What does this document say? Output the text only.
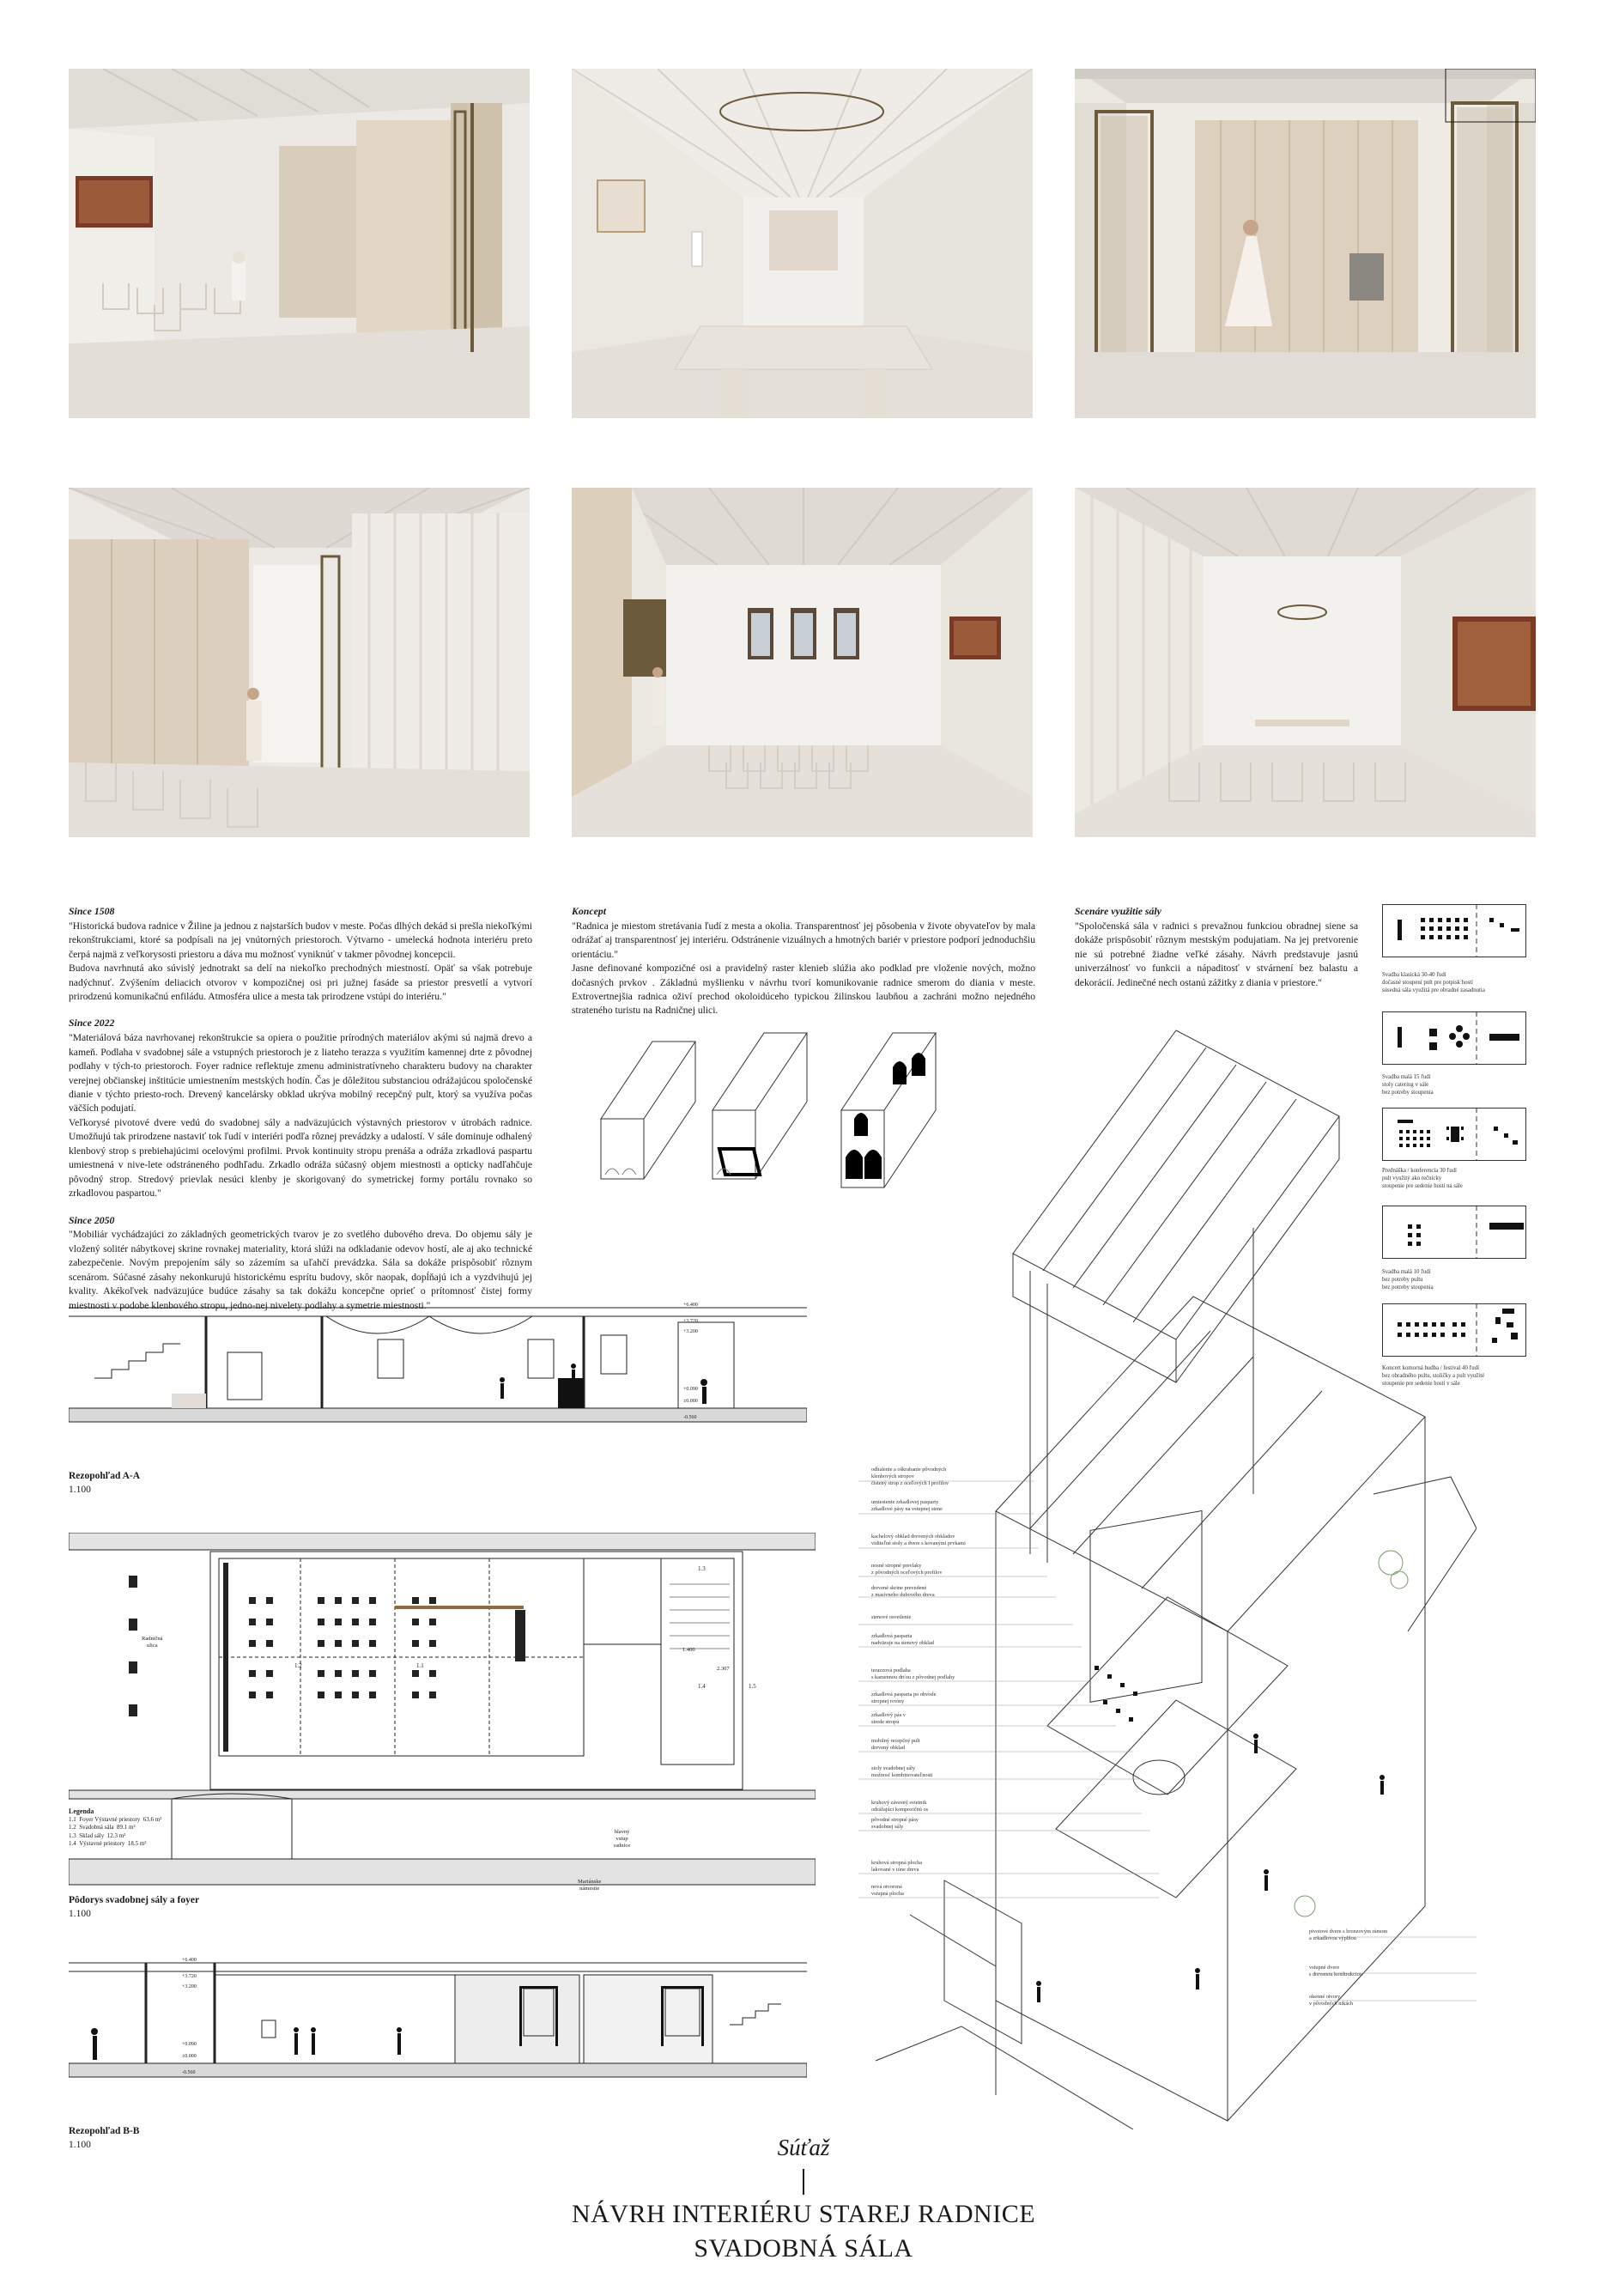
Since 1508

"Historická budova radnice v Žiline ja jednou z najstarších budov v meste. Počas dlhých dekád si prešla niekoľkými rekonštrukciami, ktoré sa podpísali na jej vnútorných priestoroch. Výtvarno - umelecká hodnota interiéru preto čerpá najmä z veľkorysosti priestoru a dáva mu možnosť vyniknúť v takmer pôvodnej koncepcii.
Budova navrhnutá ako súvislý jednotrakt sa delí na niekoľko prechodných miestností. Opäť sa však potrebuje nadýchnuť. Zvýšením deliacich otvorov v kompozičnej osi pri južnej fasáde sa priestor presvetlí a vytvorí prirodzenú komunikačnú enfiládu. Atmosféra ulice a mesta tak prirodzene vstúpi do interiéru."

Since 2022

"Materiálová báza navrhovanej rekonštrukcie sa opiera o použitie prírodných materiálov akými sú najmä drevo a kameň. Podlaha v svadobnej sále a vstupných priestoroch je z liateho terazza s využitím kamennej drte z pôvodnej podlahy v tých-to priestoroch. Foyer radnice reflektuje zmenu administratívneho charakteru budovy na charakter verejnej občianskej inštitúcie umiestnením mestských hodín. Čas je dôležitou substanciou odrážajúcou spoločenské dianie v týchto priesto-roch. Drevený kancelársky obklad ukrýva mobilný recepčný pult, ktorý sa využíva počas väčších podujatí.
Veľkorysé pivotové dvere vedú do svadobnej sály a nadväzujúcich výstavných priestorov v útrobách radnice. Umožňujú tak prirodzene nastaviť tok ľudí v interiéri podľa rôznej prevádzky a udalostí. V sále dominuje odhalený klenbový strop s prebiehajúcimi ocelovými profilmi. Prvok kontinuity stropu prenáša a odráža zrkadlová paspartu umiestnená v nive-lete odstráneného podhľadu. Zrkadlo odráža súčasný objem miestnosti a opticky nadľahčuje pôvodný strop. Stredový prievlak nesúci klenby je skorigovaný do symetrickej formy portálu rovnako so zrkadlovou paspartou."

Since 2050

"Mobiliár vychádzajúci zo základných geometrických tvarov je zo svetlého dubového dreva. Do objemu sály je vložený solitér nábytkovej skrine rovnakej materiality, ktorá slúži na odkladanie odevov hostí, ale aj ako technické zabezpečenie. Novým prepojením sály so zázemím sa uľahčí prevádzka. Sála sa dokáže prispôsobiť rôznym scenárom. Súčasné zásahy nekonkurujú historickému esprítu budovy, skôr naopak, dopĺňajú ich a vyzdvihujú jej kvality. Akékoľvek nadväzujúce budúce zásahy sa tak dokážu koncepčne oprieť o prítomnosť čistej formy miestnosti v podobe klenbového stropu, jedno-nej nivelety podlahy a symetrie miestnosti."

Koncept

"Radnica je miestom stretávania ľudí z mesta a okolia. Transparentnosť jej pôsobenia v živote obyvateľov by mala odrážať aj transparentnosť jej interiéru. Odstránenie vizuálnych a hmotných bariér v priestore podporí jednoduchšiu orientáciu."
Jasne definované kompozičné osi a pravidelný raster klenieb slúžia ako podklad pre vloženie nových, možno dočasných prvkov . Základnú myšlienku v návrhu tvorí komunikovanie radnice smerom do diania v meste. Extrovertnejšia radnica oživí prechod okoloidúceho typickou žilinskou laubňou a zachráni možno nejedného strateného turistu na Radničnej ulici.

Scenáre využitie sály

"Spoločenská sála v radnici s prevažnou funkciou obradnej siene sa dokáže prispôsobiť rôznym mestským podujatiam. Na jej pretvorenie nie sú potrebné žiadne veľké zásahy. Návrh predstavuje jasnú univerzálnosť vo funkcii a nápaditosť v stvárnení bez balastu a dekorácií. Jedinečné nech ostanú zážitky z diania v priestore."

Svadba klasická 30-40 ľudí
dočasné stoupení pult pre potpisk hostí
súsedná sála využitá pre obradné zasadnutia
Svadba malá 15 ľudí
stoly catering v sále
bez potreby stoupenia
Prednáška / konferencia 30 ľudí
pult využitý ako rečnícky
stoupenie pre sedenie hostí na sále
Svadba malá 10 ľudí
bez potreby pultu
bez potreby stoupenia
Koncert komorná hudba / festival 40 ľudí
bez obradného pultu, stoličky a pult využité
stoupenie pre sedenie hostí v sále
+6.400
+3.720
+3.200
+0.090
±0.000
-0.560
Rezopohľad A-A
1.100
Radničná
ulica
hlavný
vstup
radnice
Mariánske
námestie
1.2	1.1
1.3
1.4	1.5
1.400
2.307
Legenda
1.1 Foyer Výstavné priestory 63.6 m²
1.2 Svadobná sála 89.1 m²
1.3 Sklad sály 12.3 m²
1.4 Výstavné priestory 18.5 m²
Pôdorys svadobnej sály a foyer
1.100
+6.400
+3.720
+3.200
+0.090
±0.000
-0.560
Rezopohľad B-B
1.100
odhalenie a oškrabanie pôvodných klenbových stropov
čistený strop z oceľových I profilov
umiestenie zrkadlovej pasparty
zrkadlové pásy na vstupnej stene
kachelový obklad drevených obkladov
viditeľné stoly a dvere s kovanými prvkami
nosné stropné prevlaky
z pôvodných oceľových profilov
drevené skrine prevedené
z masívneho dubového dreva
stenové osvetlenie
zrkadlová pasparta
nadväzuje na stenový obklad
terazzová podlaha
s kamennou drťou z pôvodnej podlahy
zrkadlová pasparta po obvode
stropnej roviny
zrkadlový pás v
strede stropu
mobilný recepčný pult
drevený obklad
stoly svadobnej sály
možnosť kombinovateľnosti
kruhový závesný svietnik
odrážajúci kompozičnú os
pôvodné stropné pásy
svadobnej sály
kruhová stropná plocha
lakované v tóne dreva
nová otvorená
vstupná plocha
pivotové dvere s bronzovým rámom
a zrkadlovou výplňou
vstupné dvere
s drevenou konštrukciou
okenné otvory
v pôvodných nikách
Súťaž
NÁVRH INTERIÉRU STAREJ RADNICE
SVADOBNÁ SÁLA
